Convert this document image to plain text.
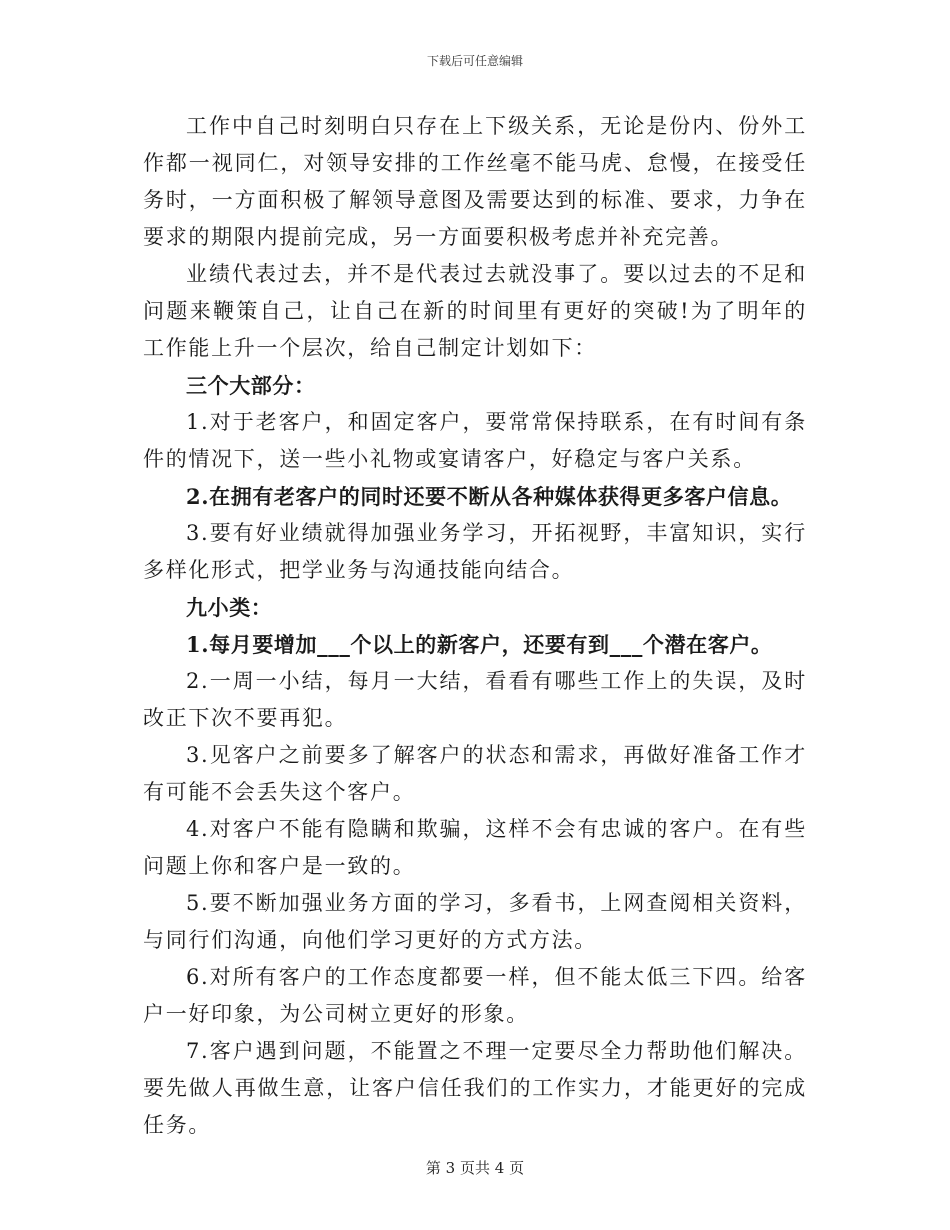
下载后可任意编辑

工作中自己时刻明白只存在上下级关系，无论是份内、份外工作都一视同仁，对领导安排的工作丝毫不能马虎、怠慢，在接受任务时，一方面积极了解领导意图及需要达到的标准、要求，力争在要求的期限内提前完成，另一方面要积极考虑并补充完善。

业绩代表过去，并不是代表过去就没事了。要以过去的不足和问题来鞭策自己，让自己在新的时间里有更好的突破!为了明年的工作能上升一个层次，给自己制定计划如下：

三个大部分：

1.对于老客户，和固定客户，要常常保持联系，在有时间有条件的情况下，送一些小礼物或宴请客户，好稳定与客户关系。

2.在拥有老客户的同时还要不断从各种媒体获得更多客户信息。

3.要有好业绩就得加强业务学习，开拓视野，丰富知识，实行多样化形式，把学业务与沟通技能向结合。

九小类：

1.每月要增加___个以上的新客户，还要有到___个潜在客户。

2.一周一小结，每月一大结，看看有哪些工作上的失误，及时改正下次不要再犯。

3.见客户之前要多了解客户的状态和需求，再做好准备工作才有可能不会丢失这个客户。

4.对客户不能有隐瞒和欺骗，这样不会有忠诚的客户。在有些问题上你和客户是一致的。

5.要不断加强业务方面的学习，多看书，上网查阅相关资料，与同行们沟通，向他们学习更好的方式方法。

6.对所有客户的工作态度都要一样，但不能太低三下四。给客户一好印象，为公司树立更好的形象。

7.客户遇到问题，不能置之不理一定要尽全力帮助他们解决。要先做人再做生意，让客户信任我们的工作实力，才能更好的完成任务。

第 3 页共 4 页
